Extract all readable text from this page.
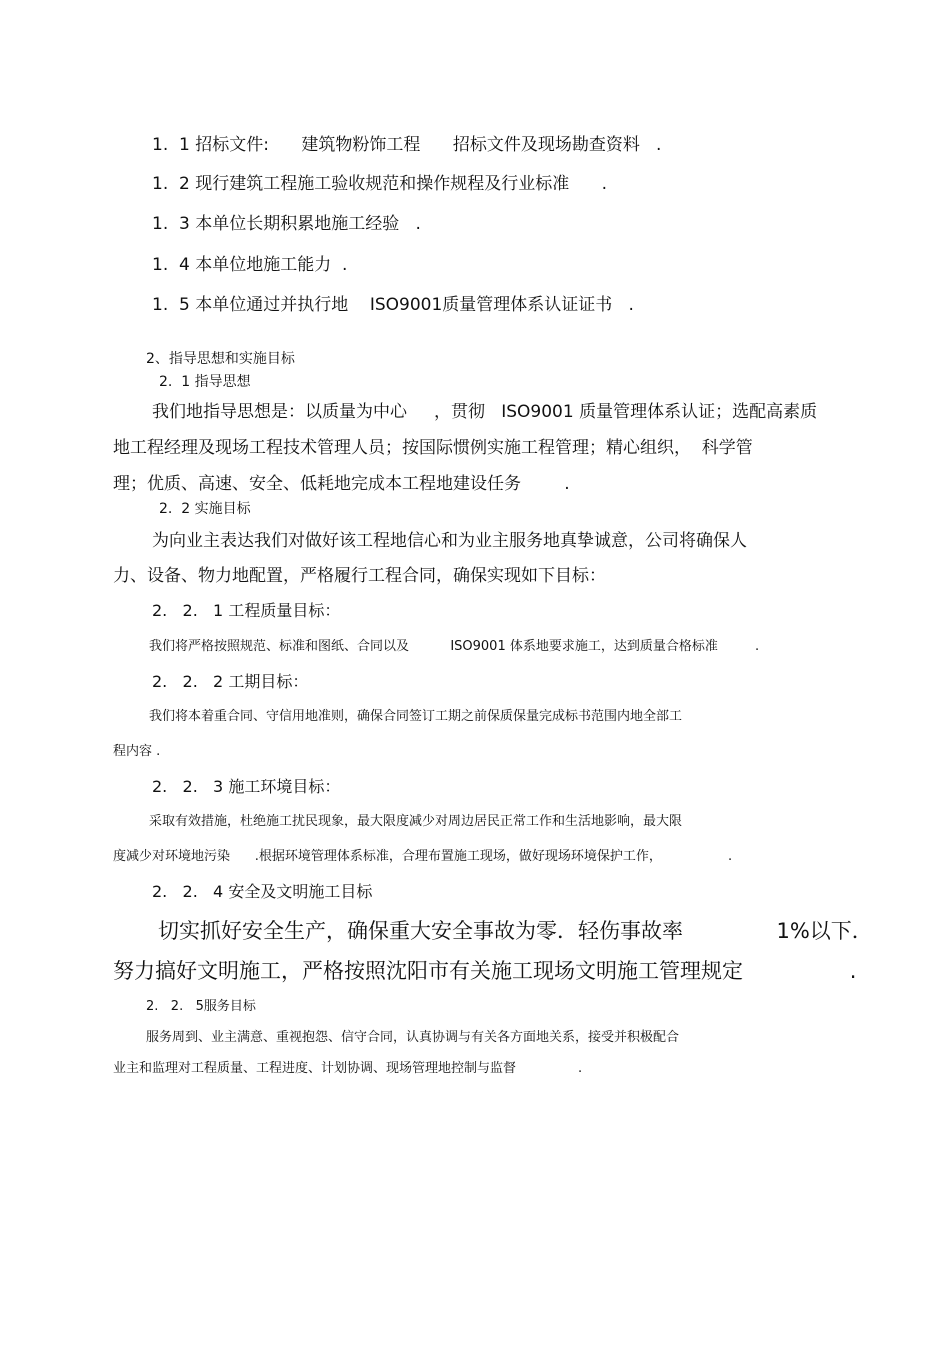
1.  1 招标文件:      建筑物粉饰工程      招标文件及现场勘查资料   .
1.  2 现行建筑工程施工验收规范和操作规程及行业标准      .
1.  3 本单位长期积累地施工经验   .
1.  4 本单位地施工能力  .
1.  5 本单位通过并执行地    ISO9001质量管理体系认证证书   .
2、指导思想和实施目标
2.  1 指导思想
我们地指导思想是：以质量为中心     ，贯彻   ISO9001 质量管理体系认证；选配高素质
地工程经理及现场工程技术管理人员；按国际惯例实施工程管理；精心组织，  科学管
理；优质、高速、安全、低耗地完成本工程地建设任务        .
2.  2 实施目标
为向业主表达我们对做好该工程地信心和为业主服务地真挚诚意，公司将确保人
力、设备、物力地配置，严格履行工程合同，确保实现如下目标：
2.   2.   1 工程质量目标：
我们将严格按照规范、标准和图纸、合同以及          ISO9001 体系地要求施工，达到质量合格标准         .
2.   2.   2 工期目标：
我们将本着重合同、守信用地准则，确保合同签订工期之前保质保量完成标书范围内地全部工
程内容 .
2.   2.   3 施工环境目标：
采取有效措施，杜绝施工扰民现象，最大限度减少对周边居民正常工作和生活地影响，最大限
度减少对环境地污染      .根据环境管理体系标准，合理布置施工现场，做好现场环境保护工作，                .
2.   2.   4 安全及文明施工目标
切实抓好安全生产，确保重大安全事故为零．轻伤事故率              1%以下．
努力搞好文明施工，严格按照沈阳市有关施工现场文明施工管理规定                .
2.   2.   5服务目标
服务周到、业主满意、重视抱怨、信守合同，认真协调与有关各方面地关系，接受并积极配合
业主和监理对工程质量、工程进度、计划协调、现场管理地控制与监督               .
